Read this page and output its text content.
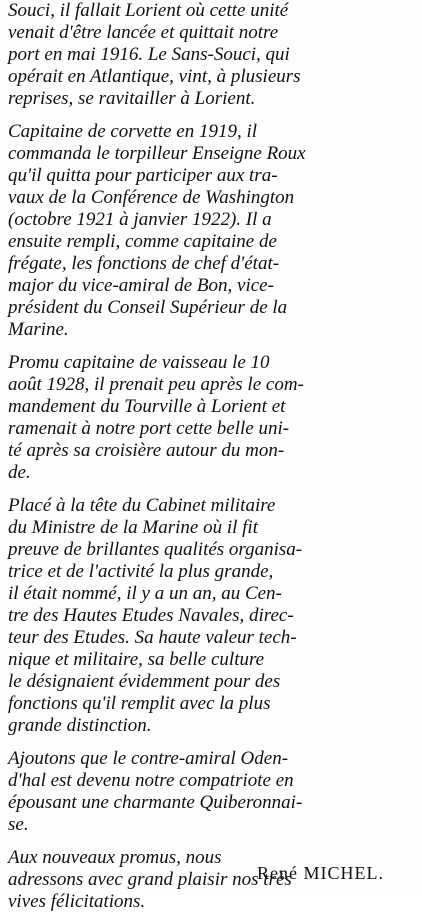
Souci, il fallait Lorient où cette unité
venait d'être lancée et quittait notre
port en mai 1916. Le Sans-Souci, qui
opérait en Atlantique, vint, à plusieurs
reprises, se ravitailler à Lorient.

Capitaine de corvette en 1919, il
commanda le torpilleur Enseigne Roux
qu'il quitta pour participer aux tra-
vaux de la Conférence de Washington
(octobre 1921 à janvier 1922). Il a
ensuite rempli, comme capitaine de
frégate, les fonctions de chef d'état-
major du vice-amiral de Bon, vice-
président du Conseil Supérieur de la
Marine.

Promu capitaine de vaisseau le 10
août 1928, il prenait peu après le com-
mandement du Tourville à Lorient et
ramenait à notre port cette belle uni-
té après sa croisière autour du mon-
de.

Placé à la tête du Cabinet militaire
du Ministre de la Marine où il fit
preuve de brillantes qualités organisa-
trice et de l'activité la plus grande,
il était nommé, il y a un an, au Cen-
tre des Hautes Etudes Navales, direc-
teur des Etudes. Sa haute valeur tech-
nique et militaire, sa belle culture
le désignaient évidemment pour des
fonctions qu'il remplit avec la plus
grande distinction.

Ajoutons que le contre-amiral Oden-
d'hal est devenu notre compatriote en
épousant une charmante Quiberonnai-
se.

Aux nouveaux promus, nous
adressons avec grand plaisir nos très
vives félicitations.

René MICHEL.
